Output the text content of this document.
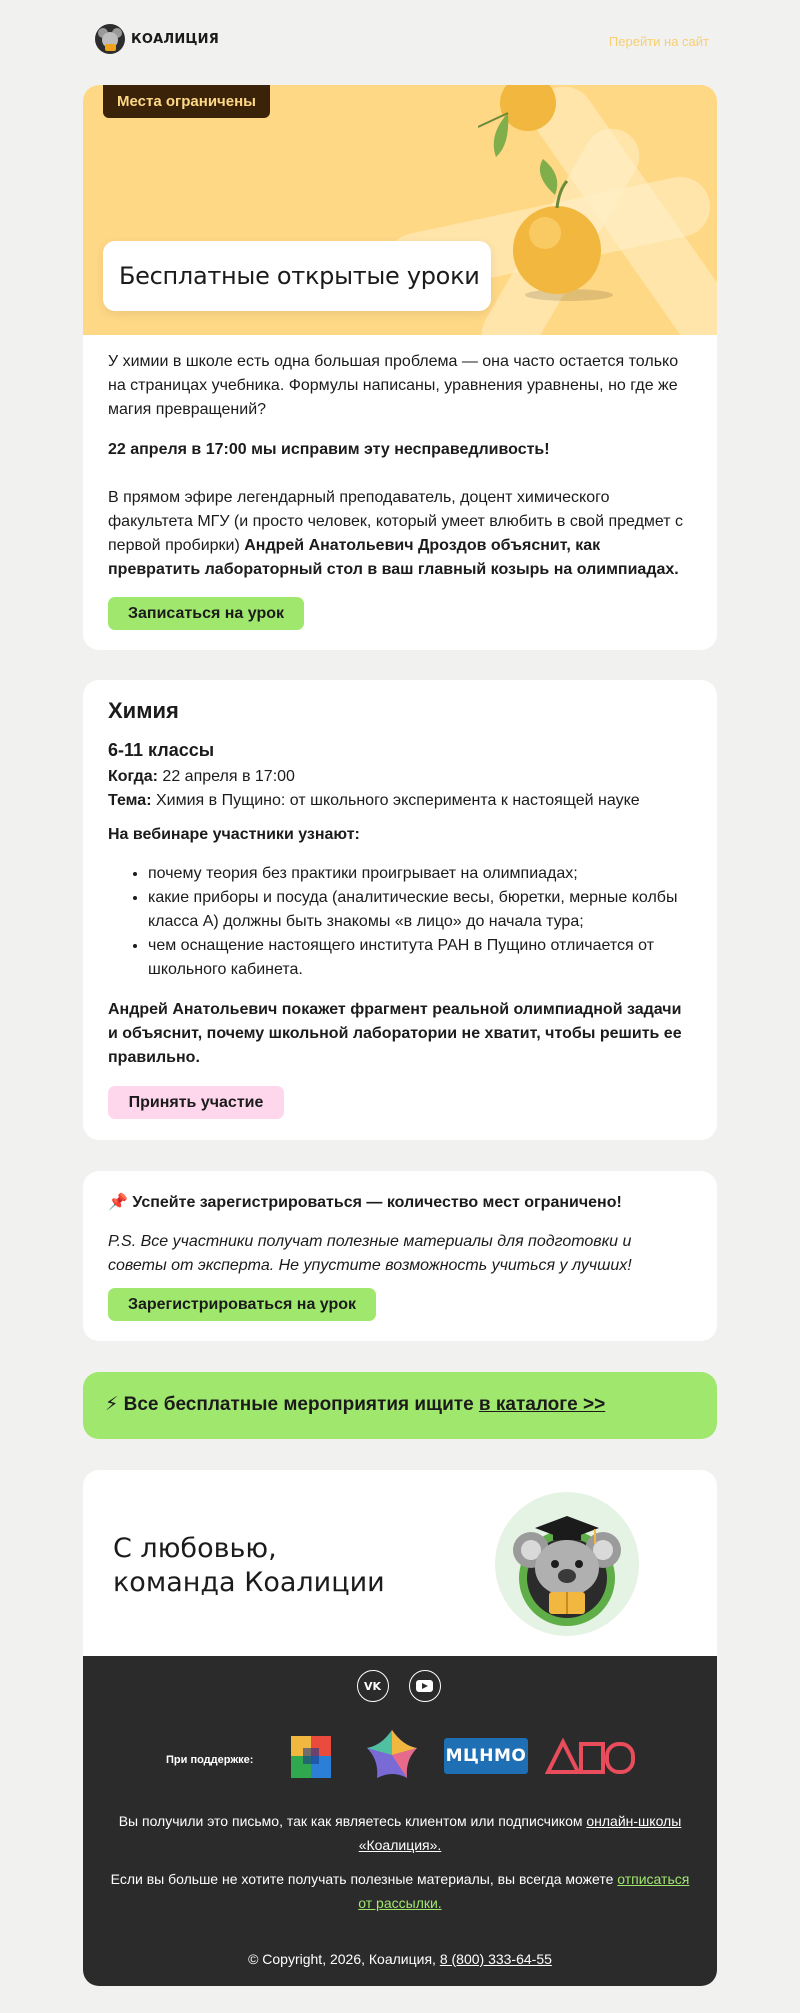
КОАЛИЦИЯ	Перейти на сайт
Места ограничены
Бесплатные открытые уроки

У химии в школе есть одна большая проблема — она часто остается только на страницах учебника. Формулы написаны, уравнения уравнены, но где же магия превращений?

22 апреля в 17:00 мы исправим эту несправедливость!

В прямом эфире легендарный преподаватель, доцент химического факультета МГУ (и просто человек, который умеет влюбить в свой предмет с первой пробирки) Андрей Анатольевич Дроздов объяснит, как превратить лабораторный стол в ваш главный козырь на олимпиадах.

Записаться на урок
Химия
6-11 классы

Когда: 22 апреля в 17:00

Тема: Химия в Пущино: от школьного эксперимента к настоящей науке

На вебинаре участники узнают:

• почему теория без практики проигрывает на олимпиадах;
• какие приборы и посуда (аналитические весы, бюретки, мерные колбы класса А) должны быть знакомы «в лицо» до начала тура;
• чем оснащение настоящего института РАН в Пущино отличается от школьного кабинета.

Андрей Анатольевич покажет фрагмент реальной олимпиадной задачи и объяснит, почему школьной лаборатории не хватит, чтобы решить ее правильно.

Принять участие

📌 Успейте зарегистрироваться — количество мест ограничено!

P.S. Все участники получат полезные материалы для подготовки и советы от эксперта. Не упустите возможность учиться у лучших!

Зарегистрироваться на урок
⚡ Все бесплатные мероприятия ищите в каталоге >>
С любовью,
команда Коалиции
VK
При поддержке:	МЦНМО

Вы получили это письмо, так как являетесь клиентом или подписчиком онлайн-школы «Коалиция».

Если вы больше не хотите получать полезные материалы, вы всегда можете отписаться от рассылки.

© Copyright, 2026, Коалиция, 8 (800) 333-64-55
